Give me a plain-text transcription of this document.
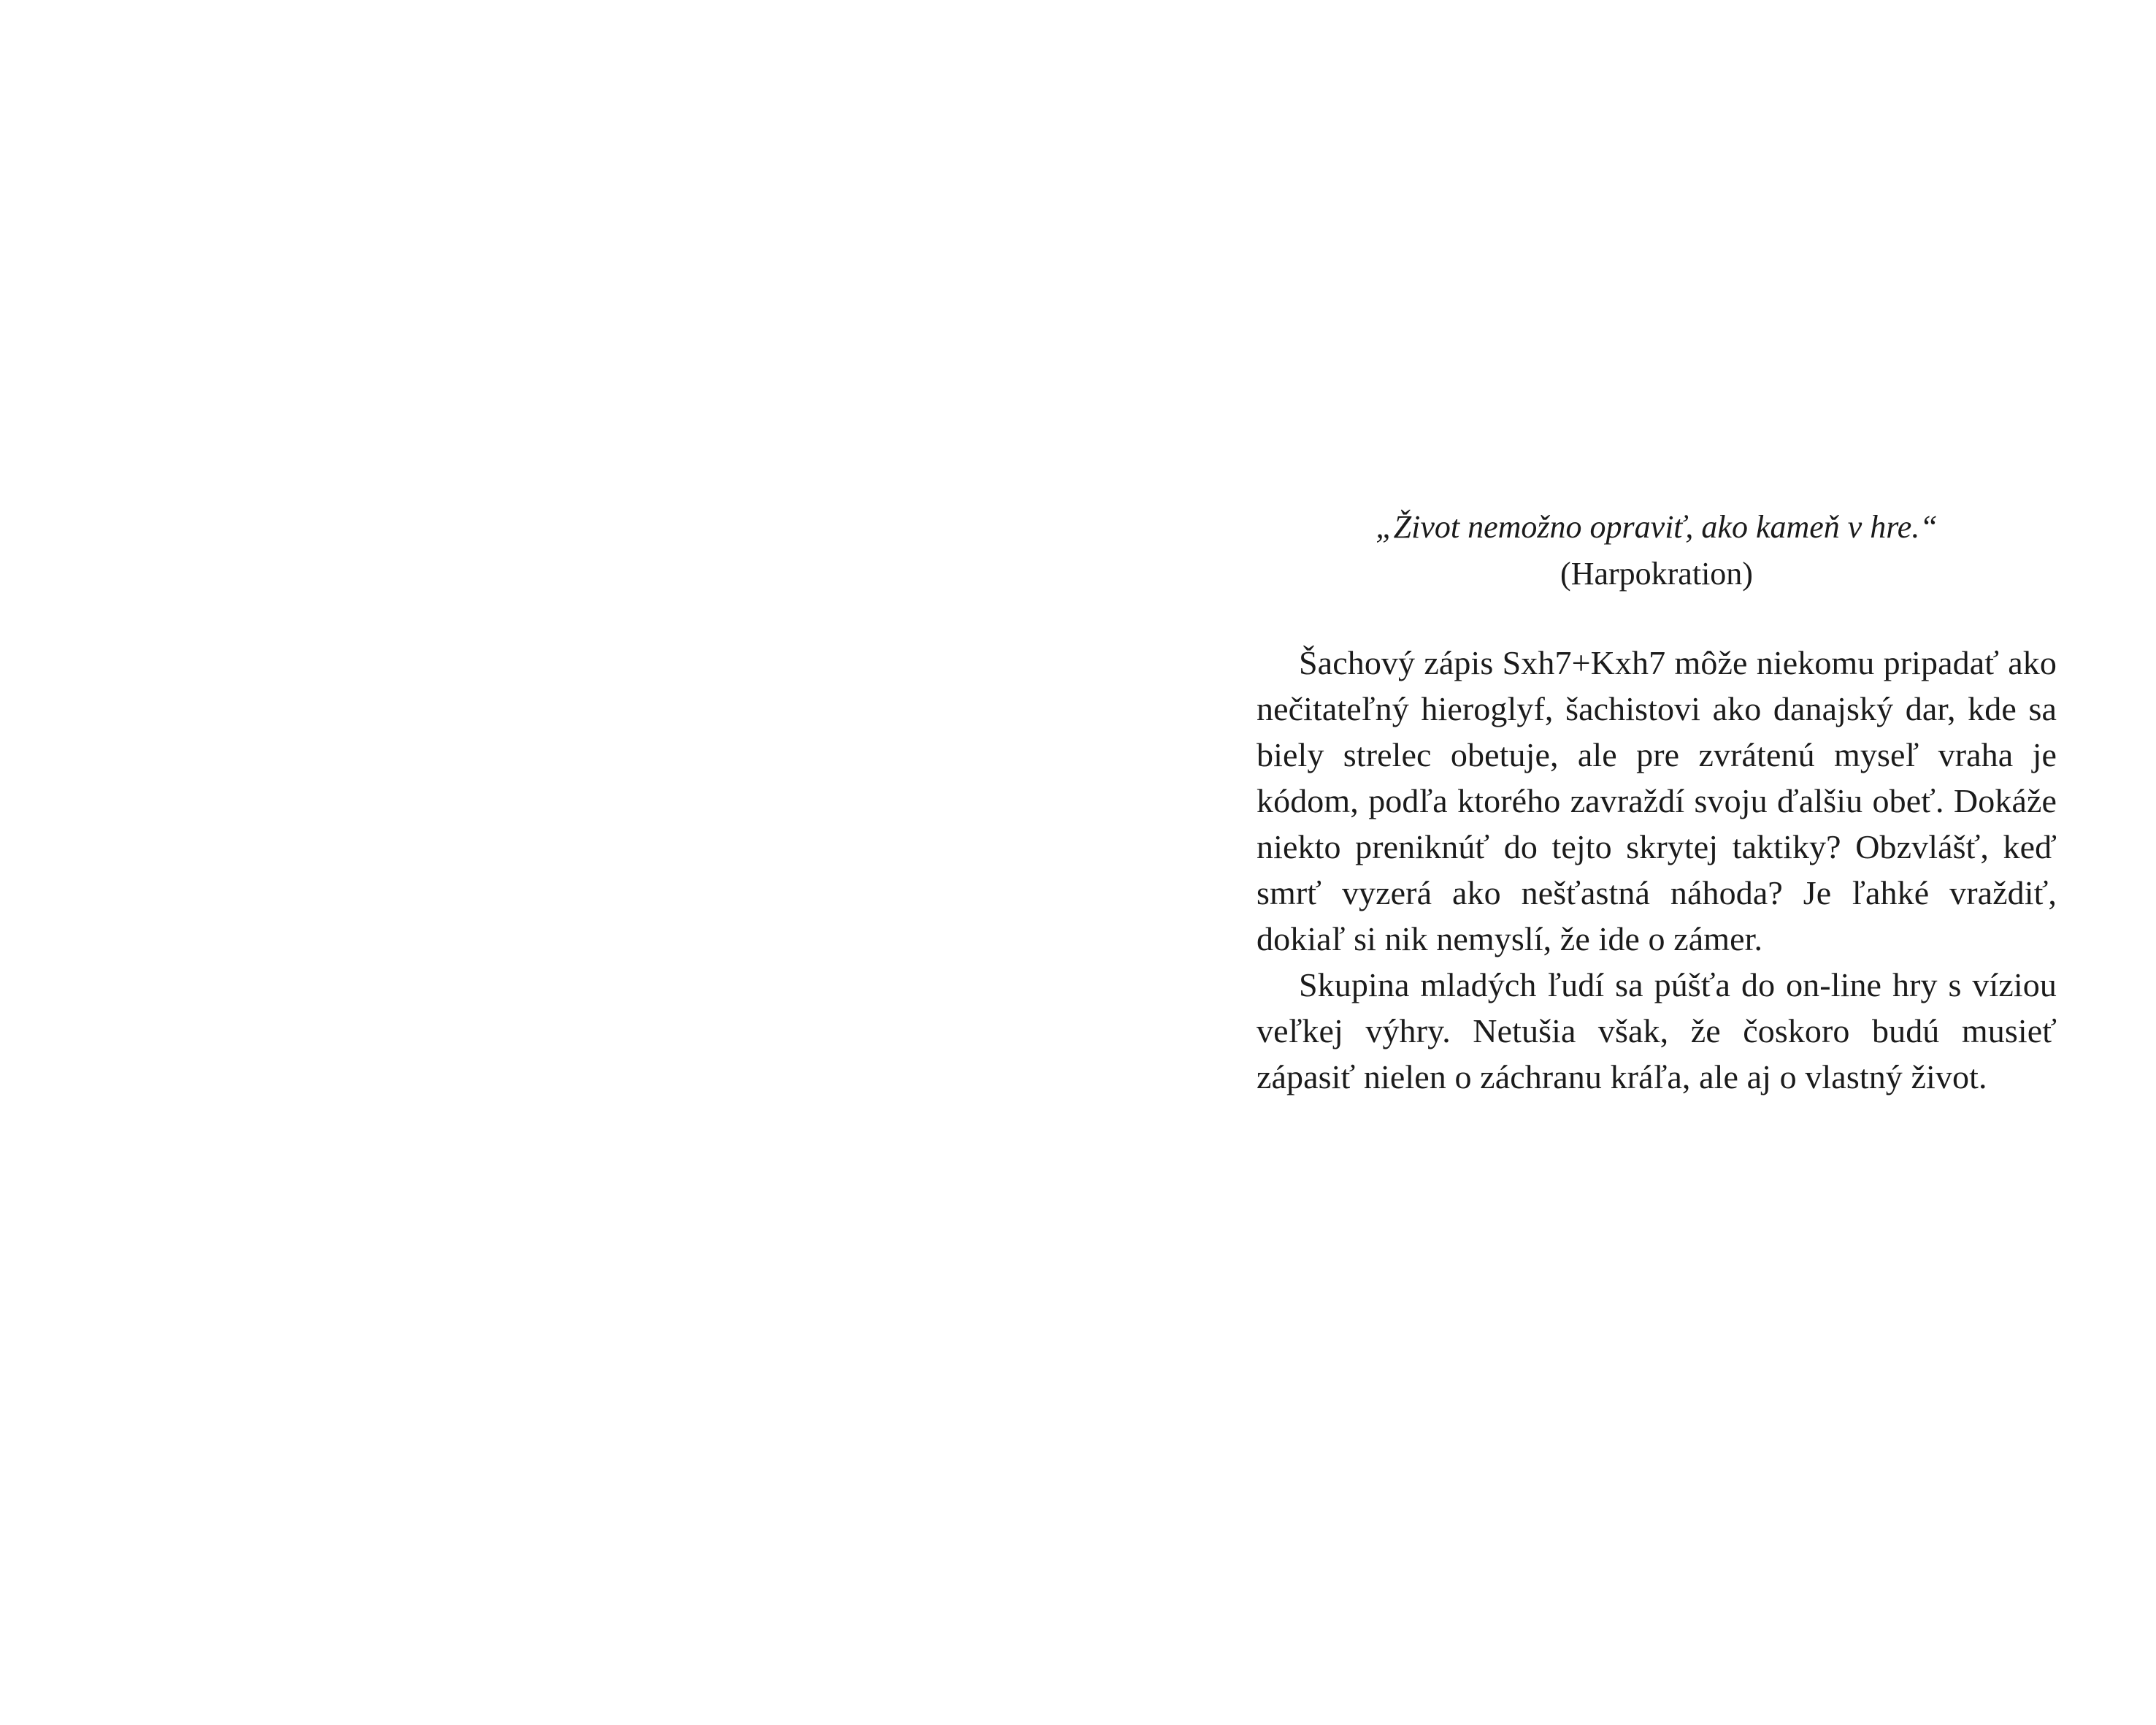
„Život nemožno opraviť, ako kameň v hre.“
(Harpokration)

Šachový zápis Sxh7+Kxh7 môže niekomu pripadať ako nečitateľný hieroglyf, šachistovi ako danajský dar, kde sa biely strelec obetuje, ale pre zvrátenú myseľ vraha je kódom, podľa ktorého zavraždí svoju ďalšiu obeť. Dokáže niekto preniknúť do tejto skrytej taktiky? Obzvlášť, keď smrť vyzerá ako nešťastná náhoda? Je ľahké vraždiť, dokiaľ si nik nemyslí, že ide o zámer.

Skupina mladých ľudí sa púšťa do on-line hry s víziou veľkej výhry. Netušia však, že čoskoro budú musieť zápasiť nielen o záchranu kráľa, ale aj o vlastný život.
